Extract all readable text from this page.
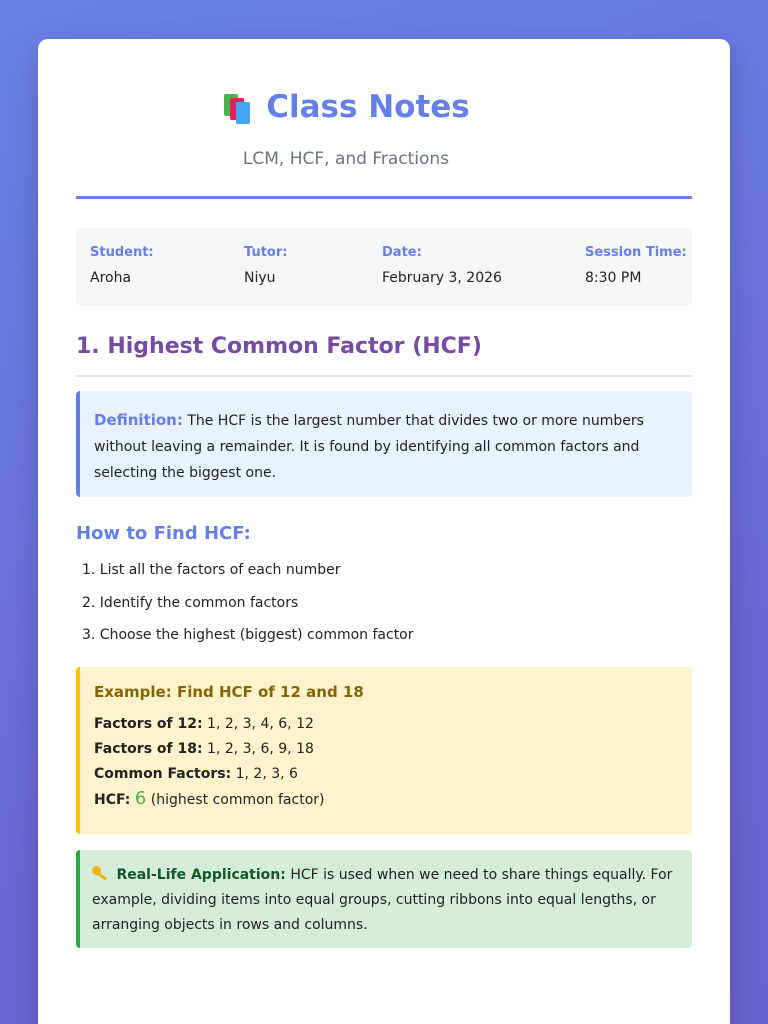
Class Notes
LCM, HCF, and Fractions
Student:
Aroha
Tutor:
Niyu
Date:
February 3, 2026
Session Time:
8:30 PM
1. Highest Common Factor (HCF)
Definition: The HCF is the largest number that divides two or more numbers without leaving a remainder. It is found by identifying all common factors and selecting the biggest one.
How to Find HCF:
1. List all the factors of each number
2. Identify the common factors
3. Choose the highest (biggest) common factor
Example: Find HCF of 12 and 18
Factors of 12: 1, 2, 3, 4, 6, 12
Factors of 18: 1, 2, 3, 6, 9, 18
Common Factors: 1, 2, 3, 6
HCF: 6 (highest common factor)
Real-Life Application: HCF is used when we need to share things equally. For example, dividing items into equal groups, cutting ribbons into equal lengths, or arranging objects in rows and columns.
